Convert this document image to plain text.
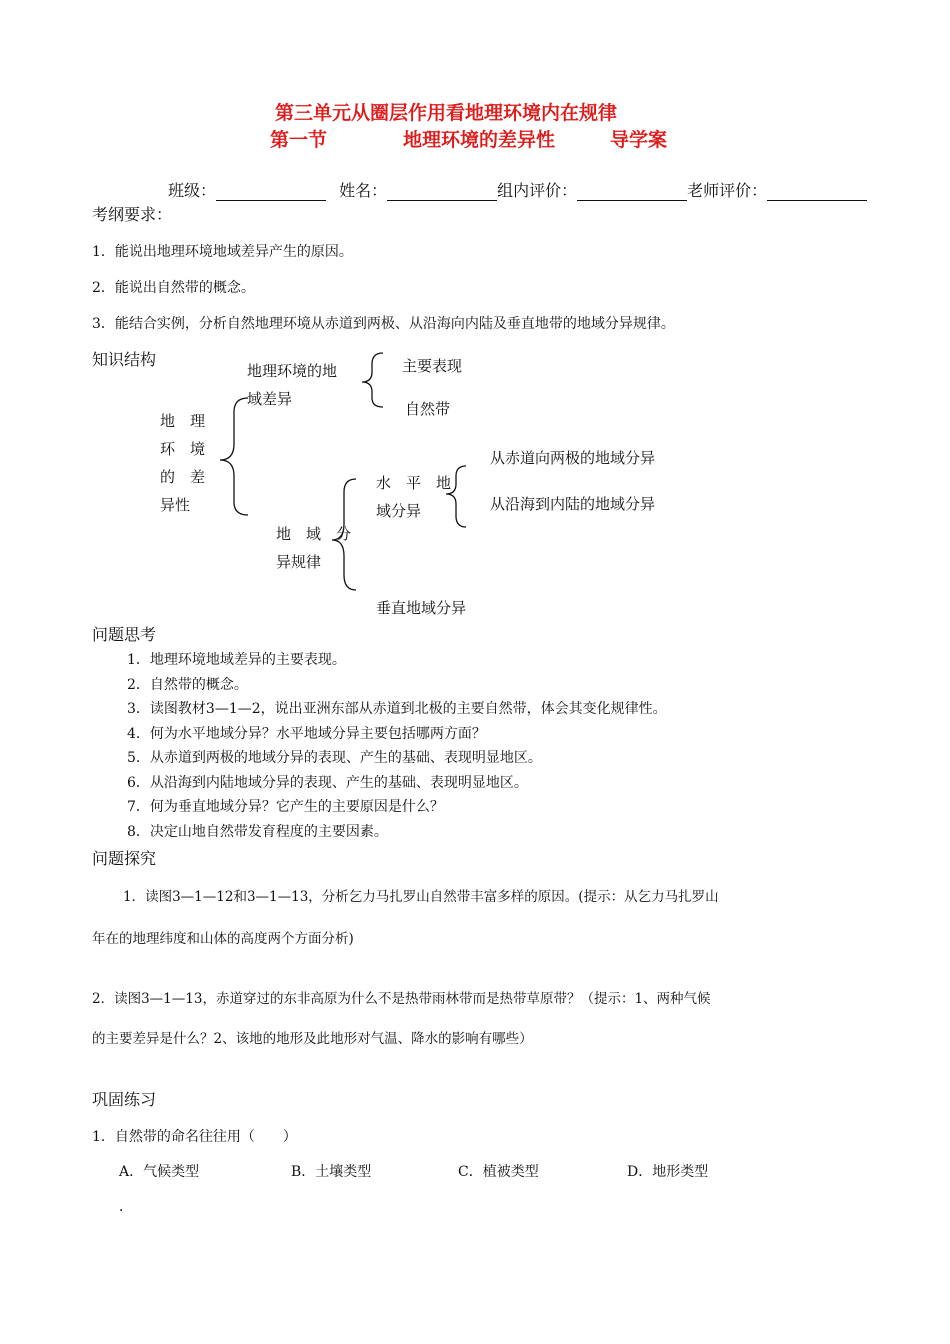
第三单元从圈层作用看地理环境内在规律
第一节	地理环境的差异性	导学案
班级：	姓名：	组内评价：	老师评价：
考纲要求：
1．能说出地理环境地域差异产生的原因。
2．能说出自然带的概念。
3．能结合实例，分析自然地理环境从赤道到两极、从沿海向内陆及垂直地带的地域分异规律。
知识结构
地　理
环　境
的　差
异性
地理环境的地
域差异
主要表现
自然带
地　域　分
异规律
水　平　地
域分异
从赤道向两极的地域分异
从沿海到内陆的地域分异
垂直地域分异
问题思考
1．地理环境地域差异的主要表现。
2．自然带的概念。
3．读图教材3—1—2，说出亚洲东部从赤道到北极的主要自然带，体会其变化规律性。
4．何为水平地域分异？水平地域分异主要包括哪两方面？
5．从赤道到两极的地域分异的表现、产生的基础、表现明显地区。
6．从沿海到内陆地域分异的表现、产生的基础、表现明显地区。
7．何为垂直地域分异？它产生的主要原因是什么？
8．决定山地自然带发育程度的主要因素。
问题探究
1．读图3—1—12和3—1—13，分析乞力马扎罗山自然带丰富多样的原因。(提示：从乞力马扎罗山
年在的地理纬度和山体的高度两个方面分析)
2．读图3—1—13，赤道穿过的东非高原为什么不是热带雨林带而是热带草原带？（提示：1、两种气候
的主要差异是什么？2、该地的地形及此地形对气温、降水的影响有哪些）
巩固练习
1．自然带的命名往往用（　　）
A．气候类型	B．土壤类型	C．植被类型	D．地形类型
．
